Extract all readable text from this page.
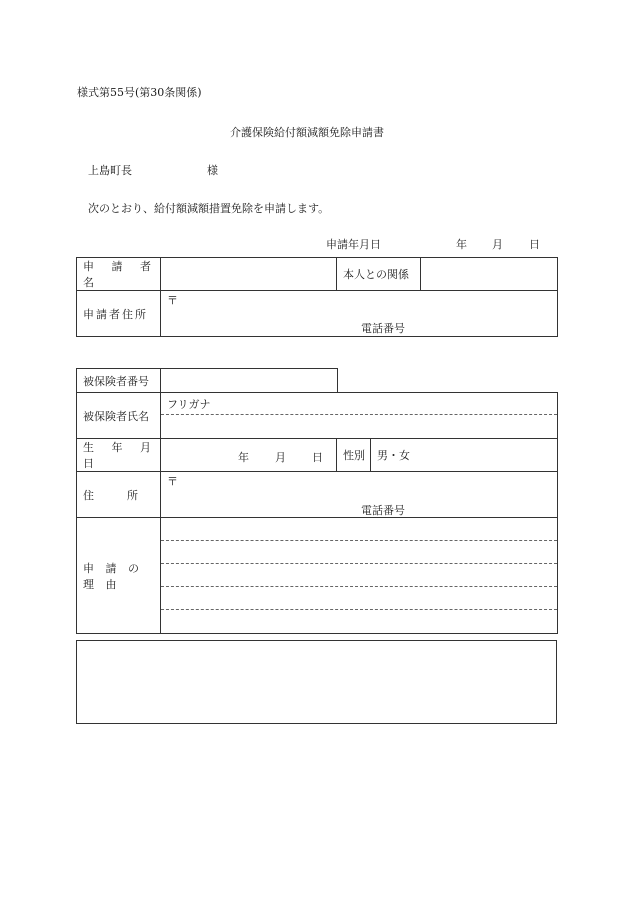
様式第55号(第30条関係)
介護保険給付額減額免除申請書
上島町長	様
次のとおり、給付額減額措置免除を申請します。
申請年月日	年 月 日
申 請 者 名		本人との関係	
申請者住所	〒
電話番号		
被保険者番号	
被保険者氏名	フリガナ		

生 年 月 日	年 月 日	性別	男・女
住　　　所	〒
電話番号		

申 請 の 理 由			
